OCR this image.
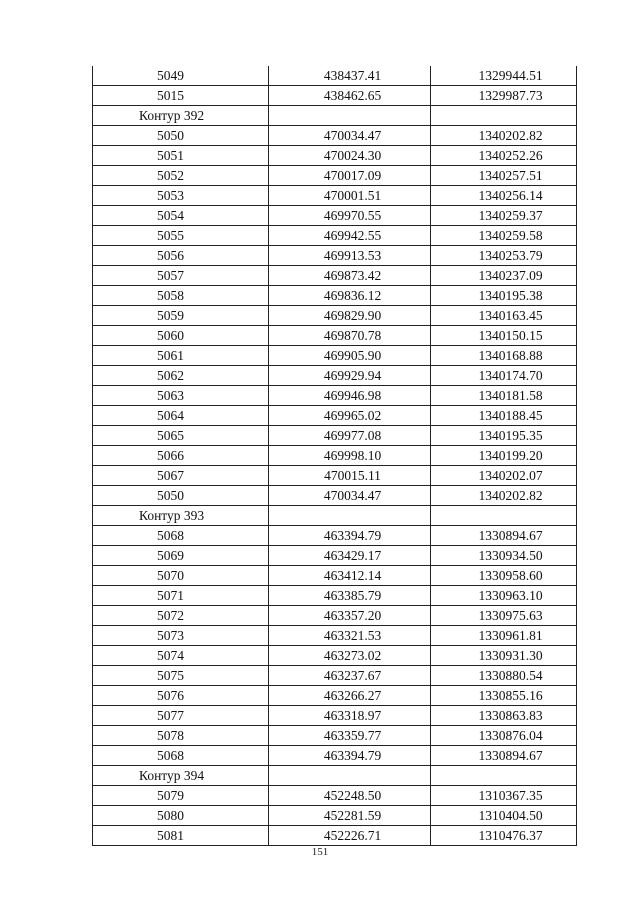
5049	438437.41	1329944.51
5015	438462.65	1329987.73
Контур 392		
5050	470034.47	1340202.82
5051	470024.30	1340252.26
5052	470017.09	1340257.51
5053	470001.51	1340256.14
5054	469970.55	1340259.37
5055	469942.55	1340259.58
5056	469913.53	1340253.79
5057	469873.42	1340237.09
5058	469836.12	1340195.38
5059	469829.90	1340163.45
5060	469870.78	1340150.15
5061	469905.90	1340168.88
5062	469929.94	1340174.70
5063	469946.98	1340181.58
5064	469965.02	1340188.45
5065	469977.08	1340195.35
5066	469998.10	1340199.20
5067	470015.11	1340202.07
5050	470034.47	1340202.82
Контур 393		
5068	463394.79	1330894.67
5069	463429.17	1330934.50
5070	463412.14	1330958.60
5071	463385.79	1330963.10
5072	463357.20	1330975.63
5073	463321.53	1330961.81
5074	463273.02	1330931.30
5075	463237.67	1330880.54
5076	463266.27	1330855.16
5077	463318.97	1330863.83
5078	463359.77	1330876.04
5068	463394.79	1330894.67
Контур 394		
5079	452248.50	1310367.35
5080	452281.59	1310404.50
5081	452226.71	1310476.37
151
